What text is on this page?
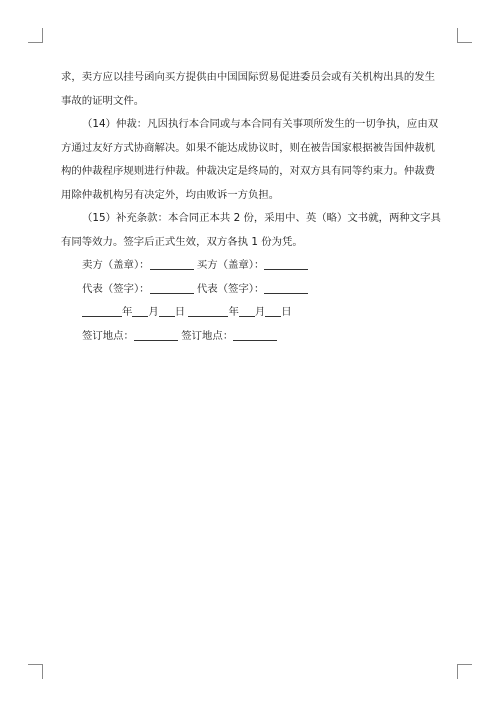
求，卖方应以挂号函向买方提供由中国国际贸易促进委员会或有关机构出具的发生事故的证明文件。

（14）仲裁：凡因执行本合同或与本合同有关事项所发生的一切争执，应由双方通过友好方式协商解决。如果不能达成协议时，则在被告国家根据被告国仲裁机构的仲裁程序规则进行仲裁。仲裁决定是终局的，对双方具有同等约束力。仲裁费用除仲裁机构另有决定外，均由败诉一方负担。

（15）补充条款：本合同正本共 2 份，采用中、英（略）文书就，两种文字具有同等效力。签字后正式生效，双方各执 1 份为凭。

卖方（盖章）：	买方（盖章）：

代表（签字）：	代表（签字）：

年 月 日	年 月 日

签订地点：	签订地点：
